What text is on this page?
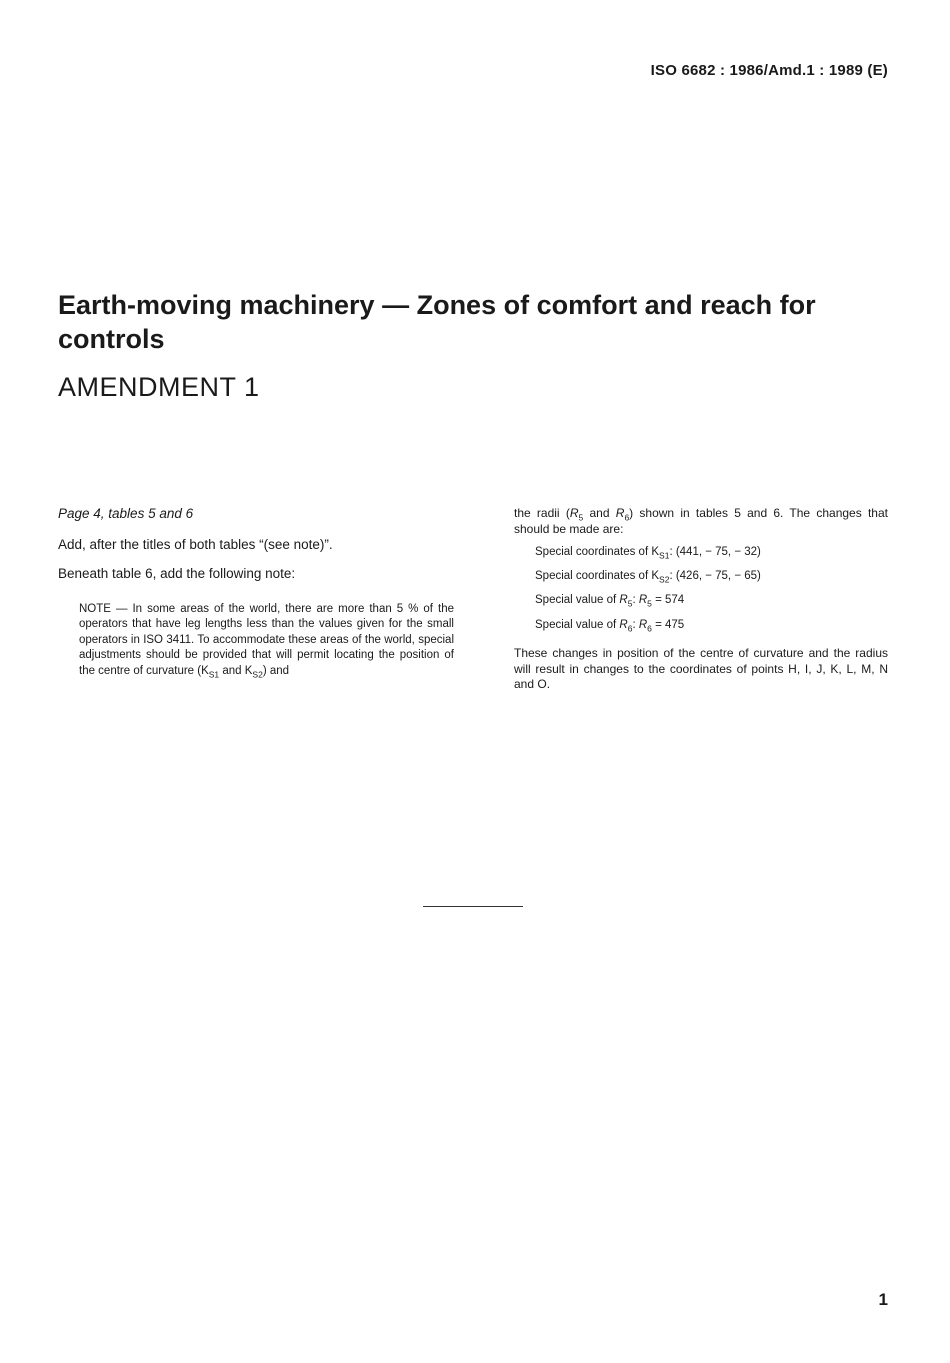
ISO 6682 : 1986/Amd.1 : 1989 (E)
Earth-moving machinery — Zones of comfort and reach for controls
AMENDMENT 1

Page 4, tables 5 and 6

Add, after the titles of both tables “(see note)”.

Beneath table 6, add the following note:

NOTE — In some areas of the world, there are more than 5 % of the operators that have leg lengths less than the values given for the small operators in ISO 3411. To accommodate these areas of the world, special adjustments should be provided that will permit locating the position of the centre of curvature ($K_{S1}$ and $K_{S2}$) and

the radii ($R_5$ and $R_6$) shown in tables 5 and 6. The changes that should be made are:

Special coordinates of $K_{S1}$: (441, − 75, − 32)

Special coordinates of $K_{S2}$: (426, − 75, − 65)

Special value of $R_5$: $R_5 = 574$

Special value of $R_6$: $R_6 = 475$

These changes in position of the centre of curvature and the radius will result in changes to the coordinates of points H, I, J, K, L, M, N and O.

1
